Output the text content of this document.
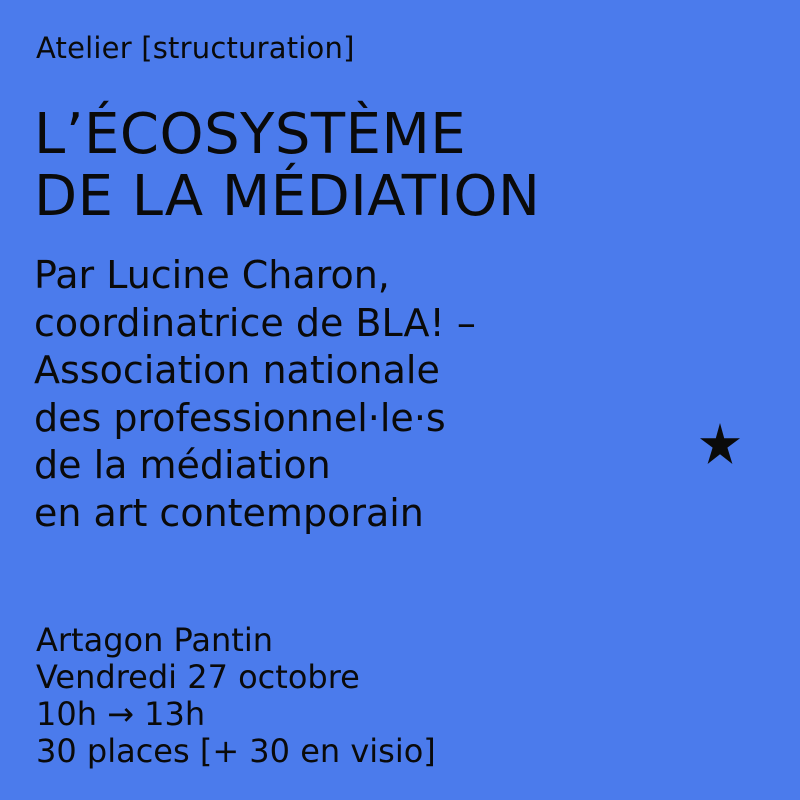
Atelier [structuration]
L’ÉCOSYSTÈME
DE LA MÉDIATION
Par Lucine Charon,
coordinatrice de BLA! –
Association nationale
des professionnel·le·s
de la médiation
en art contemporain
Artagon Pantin
Vendredi 27 octobre
10h → 13h
30 places [+ 30 en visio]
